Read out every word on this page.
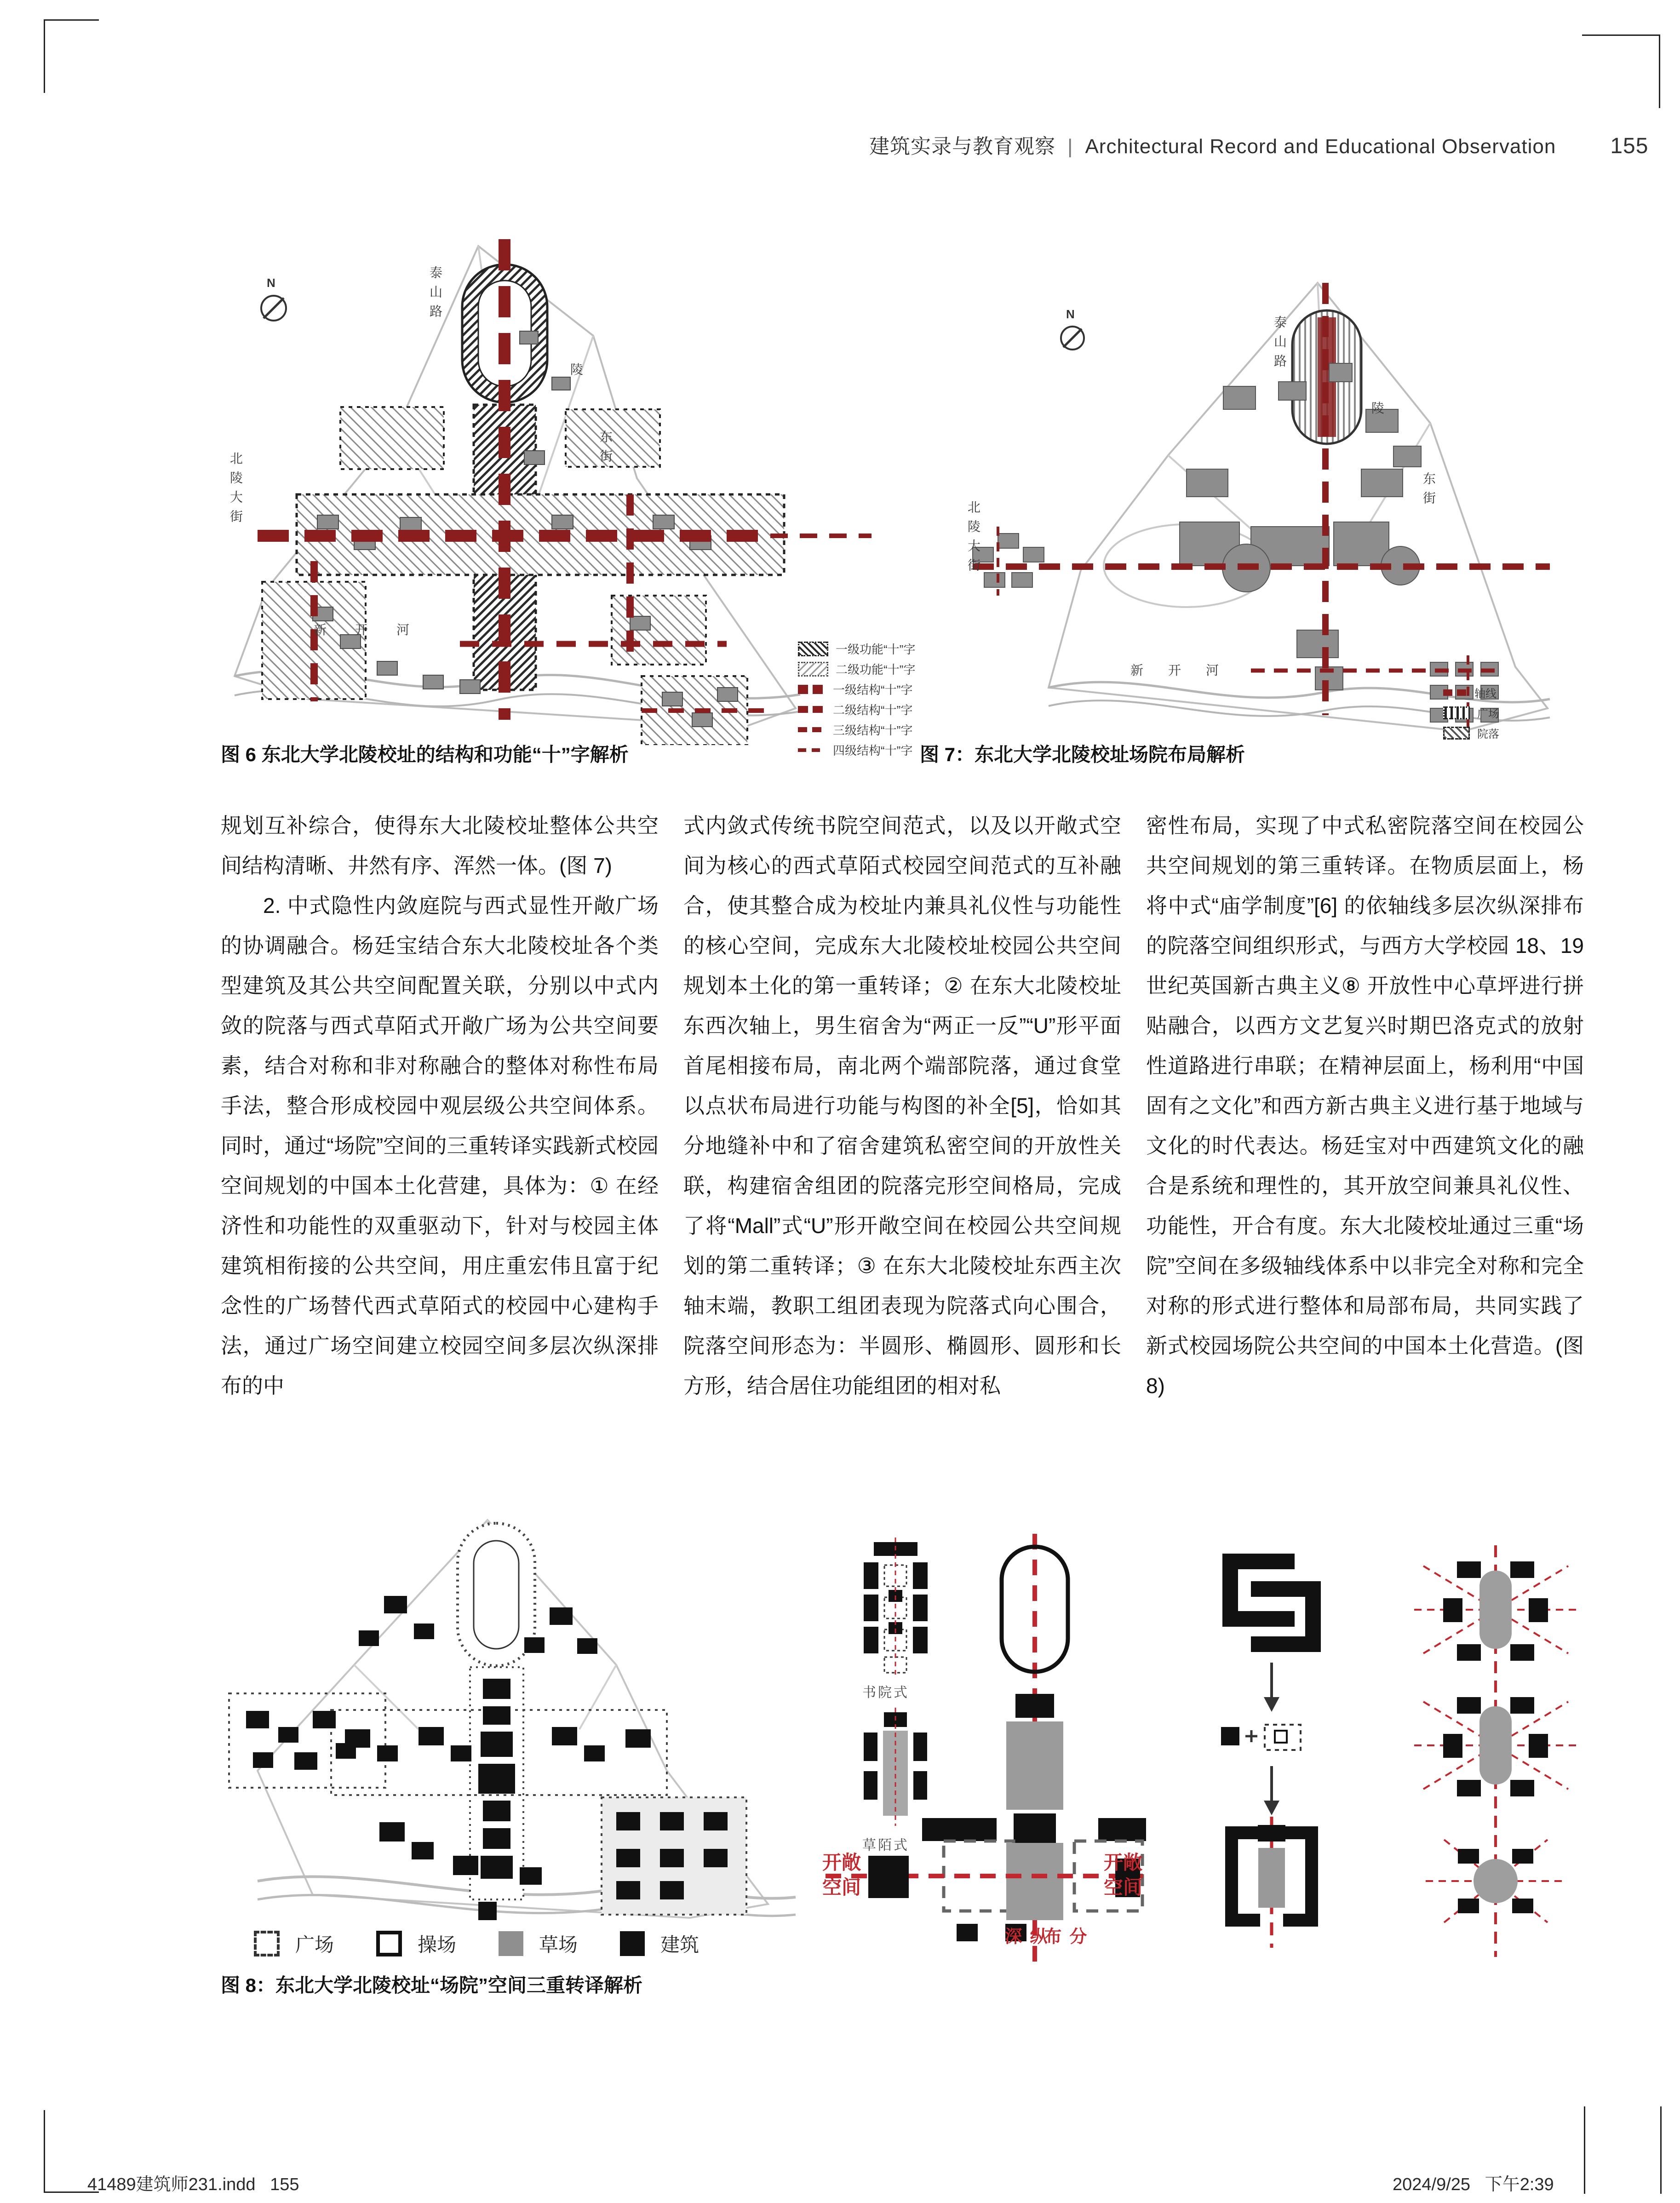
建筑实录与教育观察 | Architectural Record and Educational Observation 155
N	泰山路
陵
东街
北陵大街
新开河
一级功能“十”字
二级功能“十”字
一级结构“十”字
二级结构“十”字
三级结构“十”字
四级结构“十”字
图 6 东北大学北陵校址的结构和功能“十”字解析
N
泰山路
陵
东街
北陵大街
新开河
轴线
广场
院落
图 7：东北大学北陵校址场院布局解析

规划互补综合，使得东大北陵校址整体公共空间结构清晰、井然有序、浑然一体。(图 7)

2. 中式隐性内敛庭院与西式显性开敞广场的协调融合。杨廷宝结合东大北陵校址各个类型建筑及其公共空间配置关联，分别以中式内敛的院落与西式草陌式开敞广场为公共空间要素，结合对称和非对称融合的整体对称性布局手法，整合形成校园中观层级公共空间体系。同时，通过“场院”空间的三重转译实践新式校园空间规划的中国本土化营建，具体为：① 在经济性和功能性的双重驱动下，针对与校园主体建筑相衔接的公共空间，用庄重宏伟且富于纪念性的广场替代西式草陌式的校园中心建构手法，通过广场空间建立校园空间多层次纵深排布的中

式内敛式传统书院空间范式，以及以开敞式空间为核心的西式草陌式校园空间范式的互补融合，使其整合成为校址内兼具礼仪性与功能性的核心空间，完成东大北陵校址校园公共空间规划本土化的第一重转译；② 在东大北陵校址东西次轴上，男生宿舍为“两正一反”“U”形平面首尾相接布局，南北两个端部院落，通过食堂以点状布局进行功能与构图的补全[5]，恰如其分地缝补中和了宿舍建筑私密空间的开放性关联，构建宿舍组团的院落完形空间格局，完成了将“Mall”式“U”形开敞空间在校园公共空间规划的第二重转译；③ 在东大北陵校址东西主次轴末端，教职工组团表现为院落式向心围合，院落空间形态为：半圆形、椭圆形、圆形和长方形，结合居住功能组团的相对私

密性布局，实现了中式私密院落空间在校园公共空间规划的第三重转译。在物质层面上，杨将中式“庙学制度”[6] 的依轴线多层次纵深排布的院落空间组织形式，与西方大学校园 18、19 世纪英国新古典主义⑧ 开放性中心草坪进行拼贴融合，以西方文艺复兴时期巴洛克式的放射性道路进行串联；在精神层面上，杨利用“中国固有之文化”和西方新古典主义进行基于地域与文化的时代表达。杨廷宝对中西建筑文化的融合是系统和理性的，其开放空间兼具礼仪性、功能性，开合有度。东大北陵校址通过三重“场院”空间在多级轴线体系中以非完全对称和完全对称的形式进行整体和局部布局，共同实践了新式校园场院公共空间的中国本土化营造。(图 8)

书院式
草陌式
开敞空间
开敞空间
纵深	分布
广场	操场	草场	建筑
图 8：东北大学北陵校址“场院”空间三重转译解析
41489建筑师231.indd   155	2024/9/25   下午2:39
